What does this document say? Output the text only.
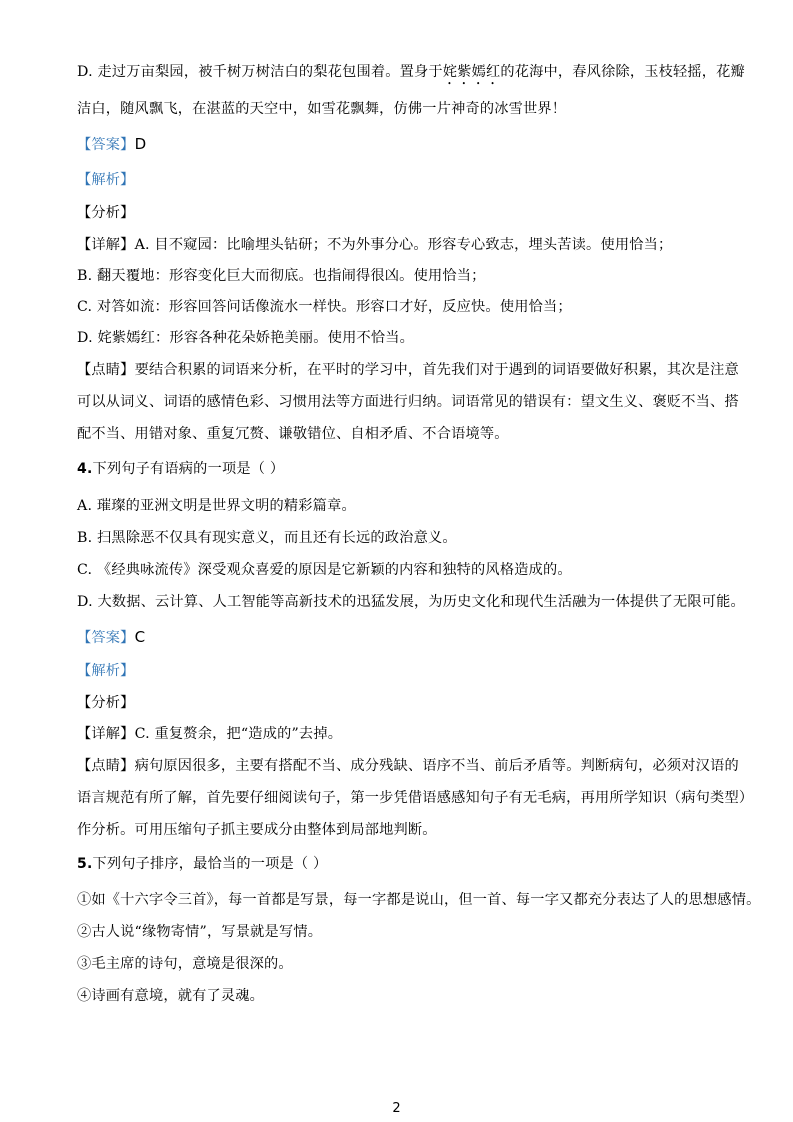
D. 走过万亩梨园，被千树万树洁白的梨花包围着。置身于姹紫嫣红的花海中，春风徐除，玉枝轻摇，花瓣
洁白，随风飘飞，在湛蓝的天空中，如雪花飘舞，仿佛一片神奇的冰雪世界！
【答案】D
【解析】
【分析】
【详解】A. 目不窥园：比喻埋头钻研；不为外事分心。形容专心致志，埋头苦读。使用恰当；
B. 翻天覆地：形容变化巨大而彻底。也指闹得很凶。使用恰当；
C. 对答如流：形容回答问话像流水一样快。形容口才好，反应快。使用恰当；
D. 姹紫嫣红：形容各种花朵娇艳美丽。使用不恰当。
【点睛】要结合积累的词语来分析，在平时的学习中，首先我们对于遇到的词语要做好积累，其次是注意
可以从词义、词语的感情色彩、习惯用法等方面进行归纳。词语常见的错误有：望文生义、褒贬不当、搭
配不当、用错对象、重复冗赘、谦敬错位、自相矛盾、不合语境等。
4.下列句子有语病的一项是（ ）
A. 璀璨的亚洲文明是世界文明的精彩篇章。
B. 扫黑除恶不仅具有现实意义，而且还有长远的政治意义。
C. 《经典咏流传》深受观众喜爱的原因是它新颖的内容和独特的风格造成的。
D. 大数据、云计算、人工智能等高新技术的迅猛发展，为历史文化和现代生活融为一体提供了无限可能。
【答案】C
【解析】
【分析】
【详解】C. 重复赘余，把“造成的”去掉。
【点睛】病句原因很多，主要有搭配不当、成分残缺、语序不当、前后矛盾等。判断病句，必须对汉语的
语言规范有所了解，首先要仔细阅读句子，第一步凭借语感感知句子有无毛病，再用所学知识（病句类型）
作分析。可用压缩句子抓主要成分由整体到局部地判断。
5.下列句子排序，最恰当的一项是（ ）
①如《十六字令三首》，每一首都是写景，每一字都是说山，但一首、每一字又都充分表达了人的思想感情。
②古人说“缘物寄情”，写景就是写情。
③毛主席的诗句，意境是很深的。
④诗画有意境，就有了灵魂。
2
